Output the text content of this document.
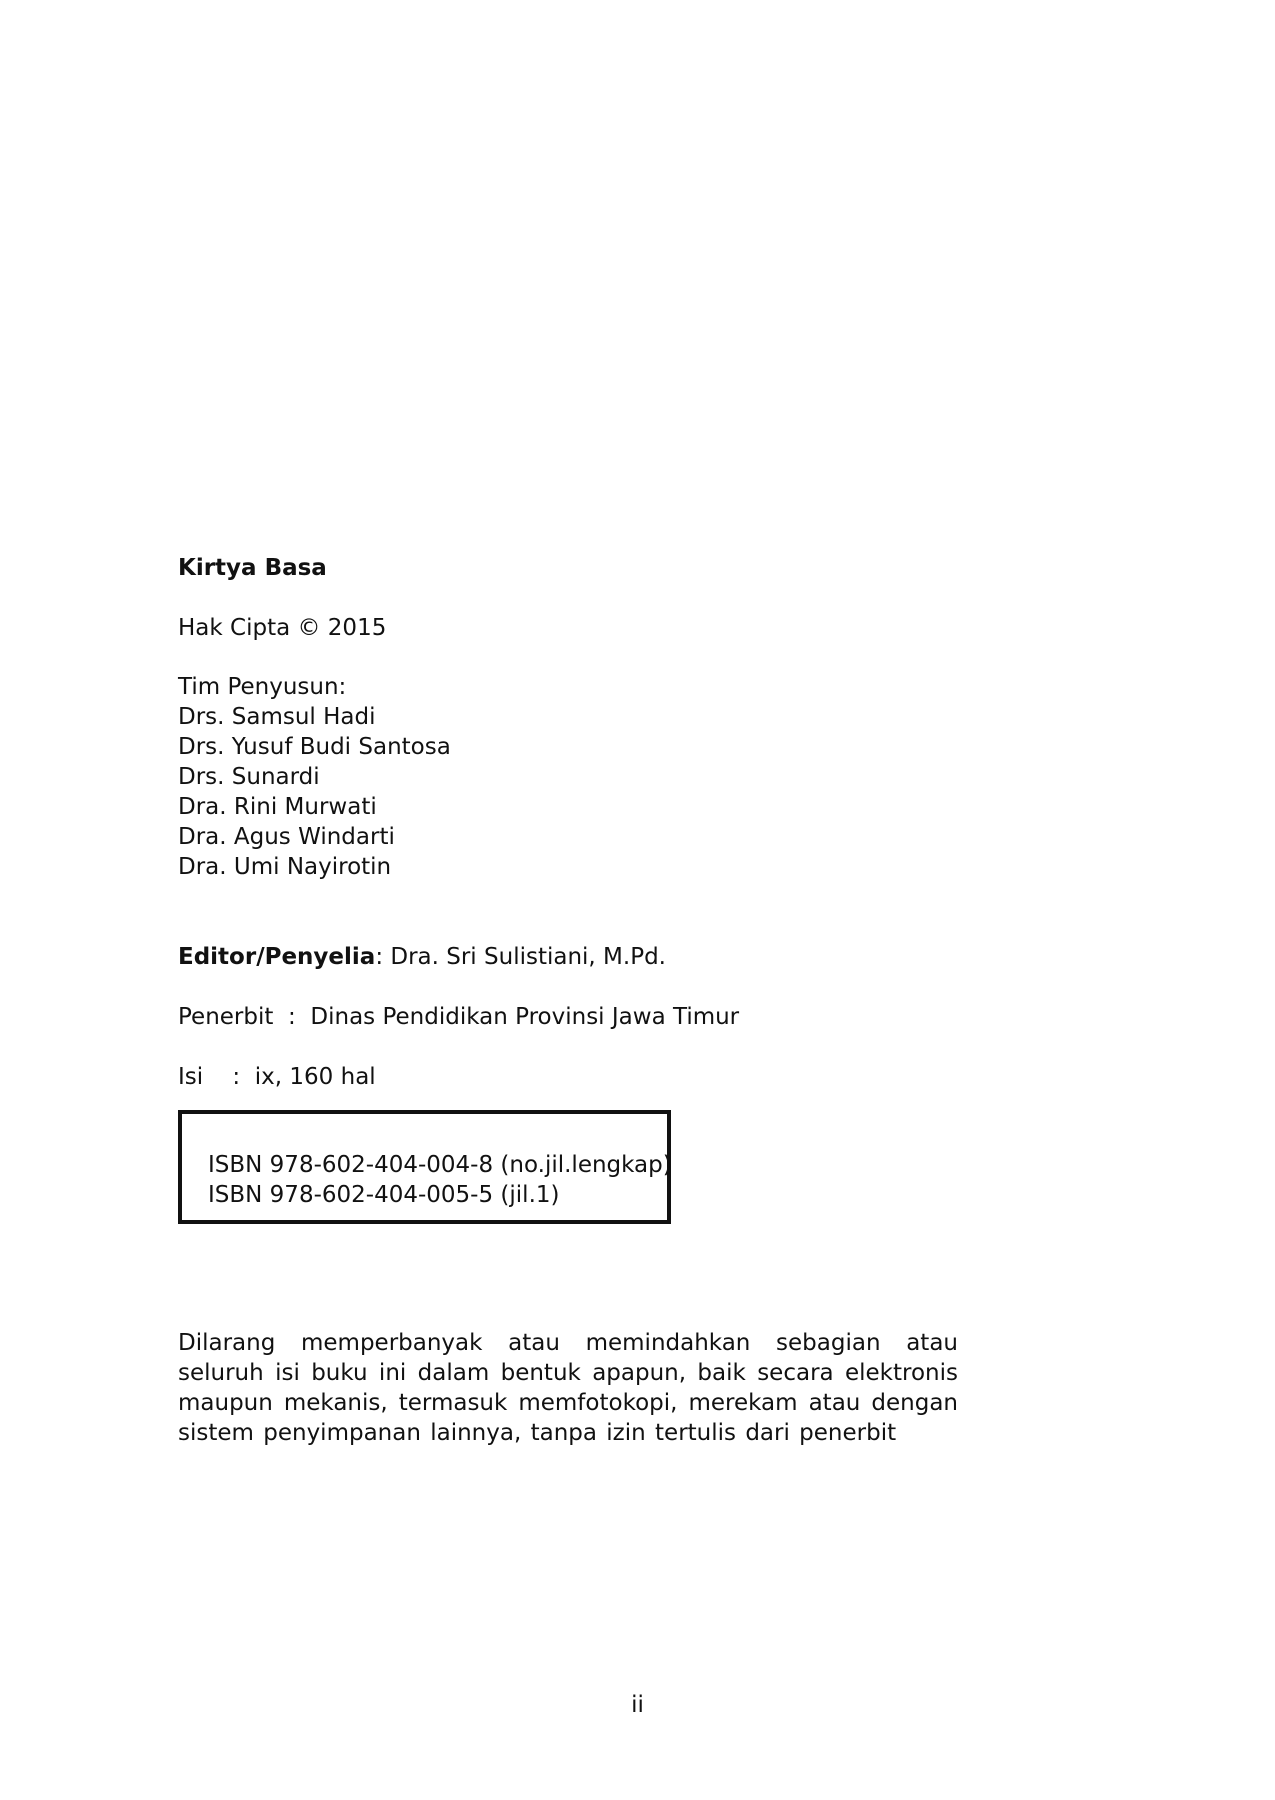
Kirtya Basa
Hak Cipta © 2015
Tim Penyusun:
Drs. Samsul Hadi
Drs. Yusuf Budi Santosa
Drs. Sunardi
Dra. Rini Murwati
Dra. Agus Windarti
Dra. Umi Nayirotin
Editor/Penyelia: Dra. Sri Sulistiani, M.Pd.
Penerbit  :  Dinas Pendidikan Provinsi Jawa Timur
Isi    :  ix, 160 hal
ISBN 978-602-404-004-8 (no.jil.lengkap)
ISBN 978-602-404-005-5 (jil.1)
Dilarang memperbanyak atau memindahkan sebagian atau seluruh isi buku ini dalam bentuk apapun, baik secara elektronis maupun mekanis, termasuk memfotokopi, merekam atau dengan sistem penyimpanan lainnya, tanpa izin tertulis dari penerbit
ii
